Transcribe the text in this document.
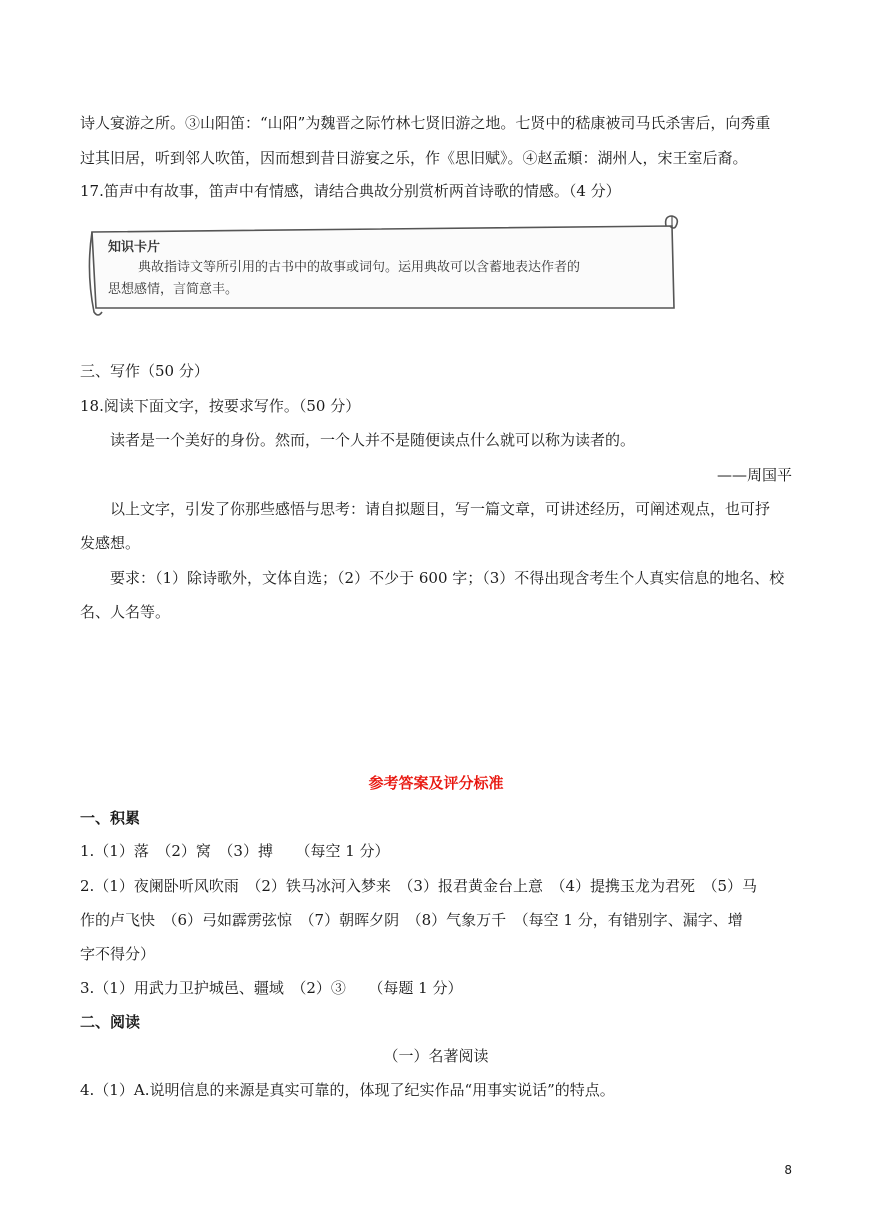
诗人宴游之所。③山阳笛：“山阳”为魏晋之际竹林七贤旧游之地。七贤中的嵇康被司马氏杀害后，向秀重
过其旧居，听到邻人吹笛，因而想到昔日游宴之乐，作《思旧赋》。④赵孟頫：湖州人，宋王室后裔。
17.笛声中有故事，笛声中有情感，请结合典故分别赏析两首诗歌的情感。（4 分）
知识卡片
典故指诗文等所引用的古书中的故事或词句。运用典故可以含蓄地表达作者的
思想感情，言简意丰。
三、写作（50 分）
18.阅读下面文字，按要求写作。（50 分）
读者是一个美好的身份。然而，一个人并不是随便读点什么就可以称为读者的。
——周国平
以上文字，引发了你那些感悟与思考：请自拟题目，写一篇文章，可讲述经历，可阐述观点，也可抒
发感想。
要求：（1）除诗歌外，文体自选；（2）不少于 600 字；（3）不得出现含考生个人真实信息的地名、校
名、人名等。
参考答案及评分标准
一、积累
1.（1）落　（2）窝　（3）搏　　（每空 1 分）
2.（1）夜阑卧听风吹雨　（2）铁马冰河入梦来　（3）报君黄金台上意　（4）提携玉龙为君死　（5）马
作的卢飞快　（6）弓如霹雳弦惊　（7）朝晖夕阴　（8）气象万千　（每空 1 分，有错别字、漏字、增
字不得分）
3.（1）用武力卫护城邑、疆域　（2）③　　（每题 1 分）
二、阅读
（一）名著阅读
4.（1）A.说明信息的来源是真实可靠的，体现了纪实作品“用事实说话”的特点。
8
